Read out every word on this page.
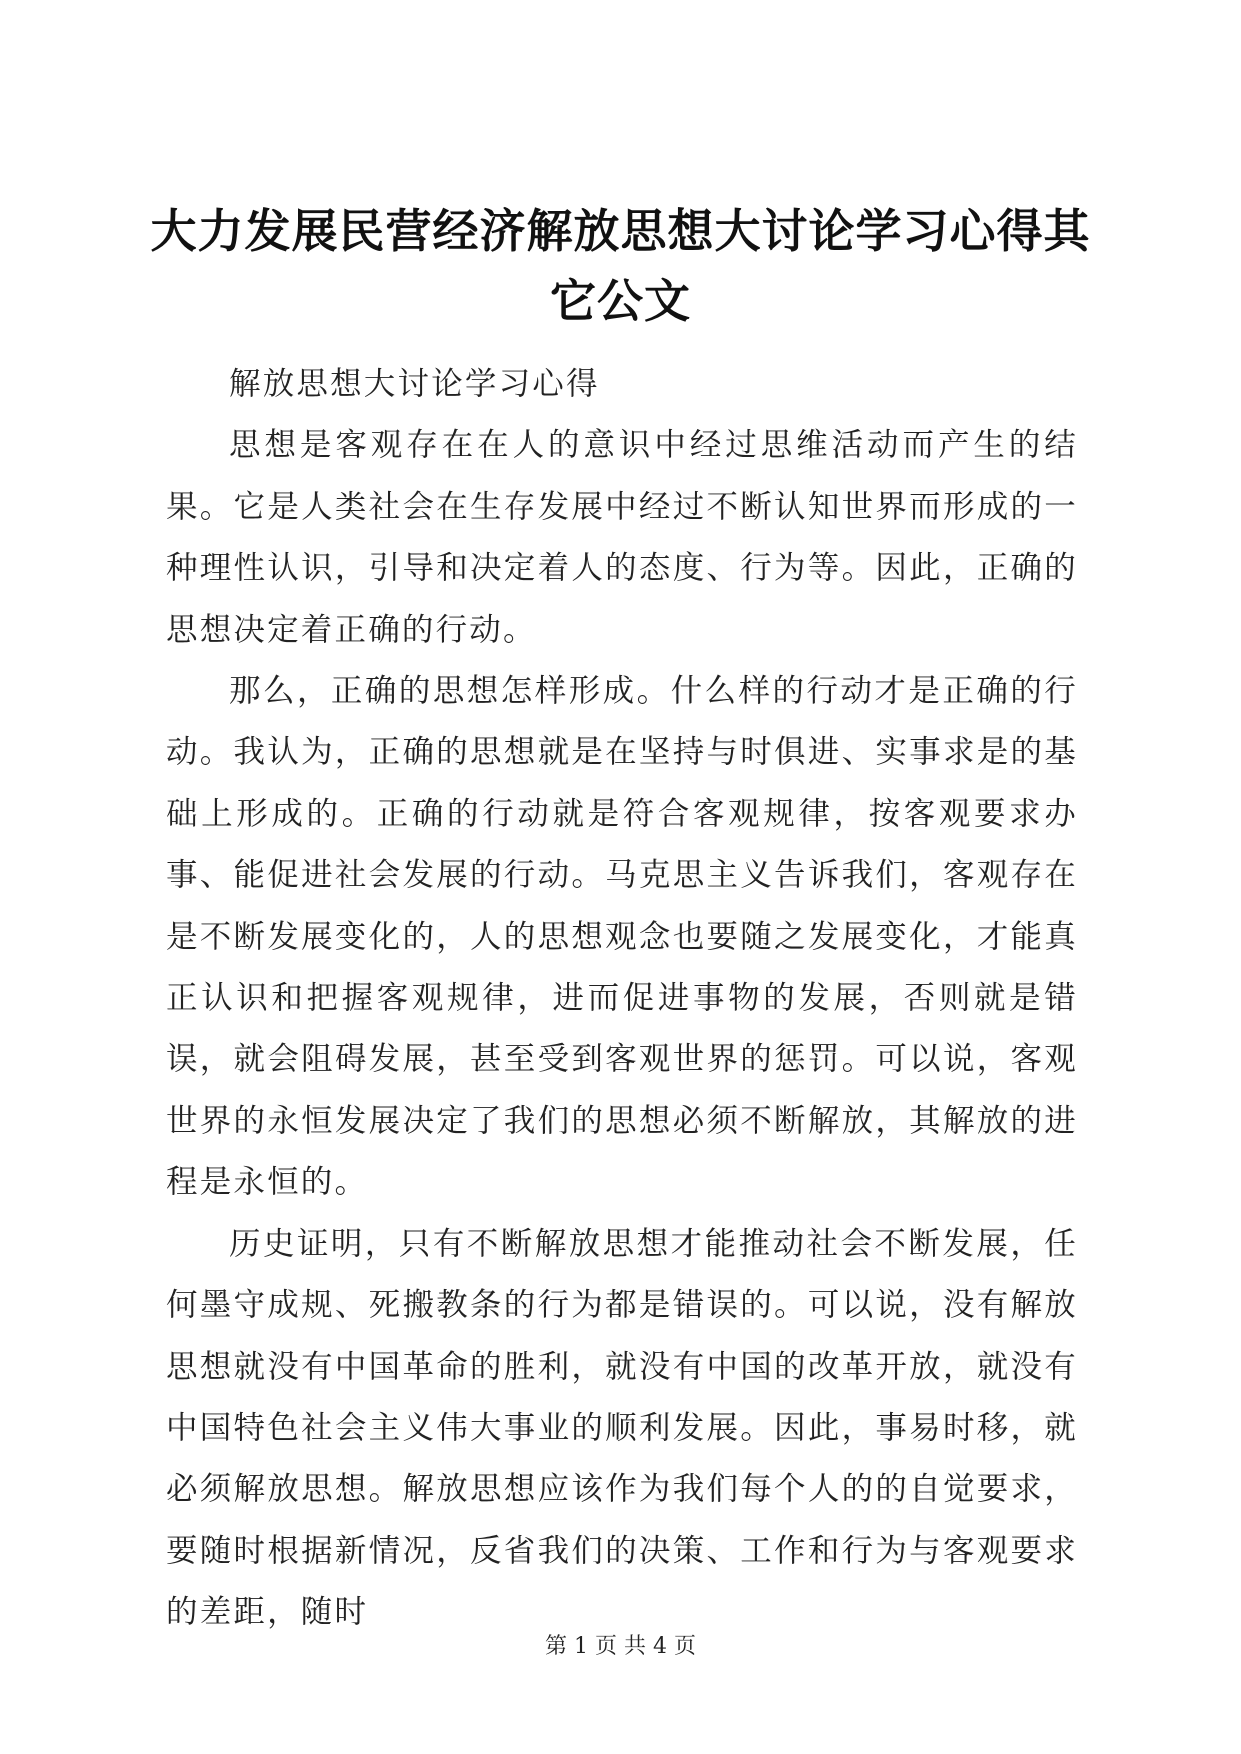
大力发展民营经济解放思想大讨论学习心得其它公文

解放思想大讨论学习心得

思想是客观存在在人的意识中经过思维活动而产生的结果。它是人类社会在生存发展中经过不断认知世界而形成的一种理性认识，引导和决定着人的态度、行为等。因此，正确的思想决定着正确的行动。

那么，正确的思想怎样形成。什么样的行动才是正确的行动。我认为，正确的思想就是在坚持与时俱进、实事求是的基础上形成的。正确的行动就是符合客观规律，按客观要求办事、能促进社会发展的行动。马克思主义告诉我们，客观存在是不断发展变化的，人的思想观念也要随之发展变化，才能真正认识和把握客观规律，进而促进事物的发展，否则就是错误，就会阻碍发展，甚至受到客观世界的惩罚。可以说，客观世界的永恒发展决定了我们的思想必须不断解放，其解放的进程是永恒的。

历史证明，只有不断解放思想才能推动社会不断发展，任何墨守成规、死搬教条的行为都是错误的。可以说，没有解放思想就没有中国革命的胜利，就没有中国的改革开放，就没有中国特色社会主义伟大事业的顺利发展。因此，事易时移，就必须解放思想。解放思想应该作为我们每个人的的自觉要求，要随时根据新情况，反省我们的决策、工作和行为与客观要求的差距，随时

第 1 页 共 4 页
